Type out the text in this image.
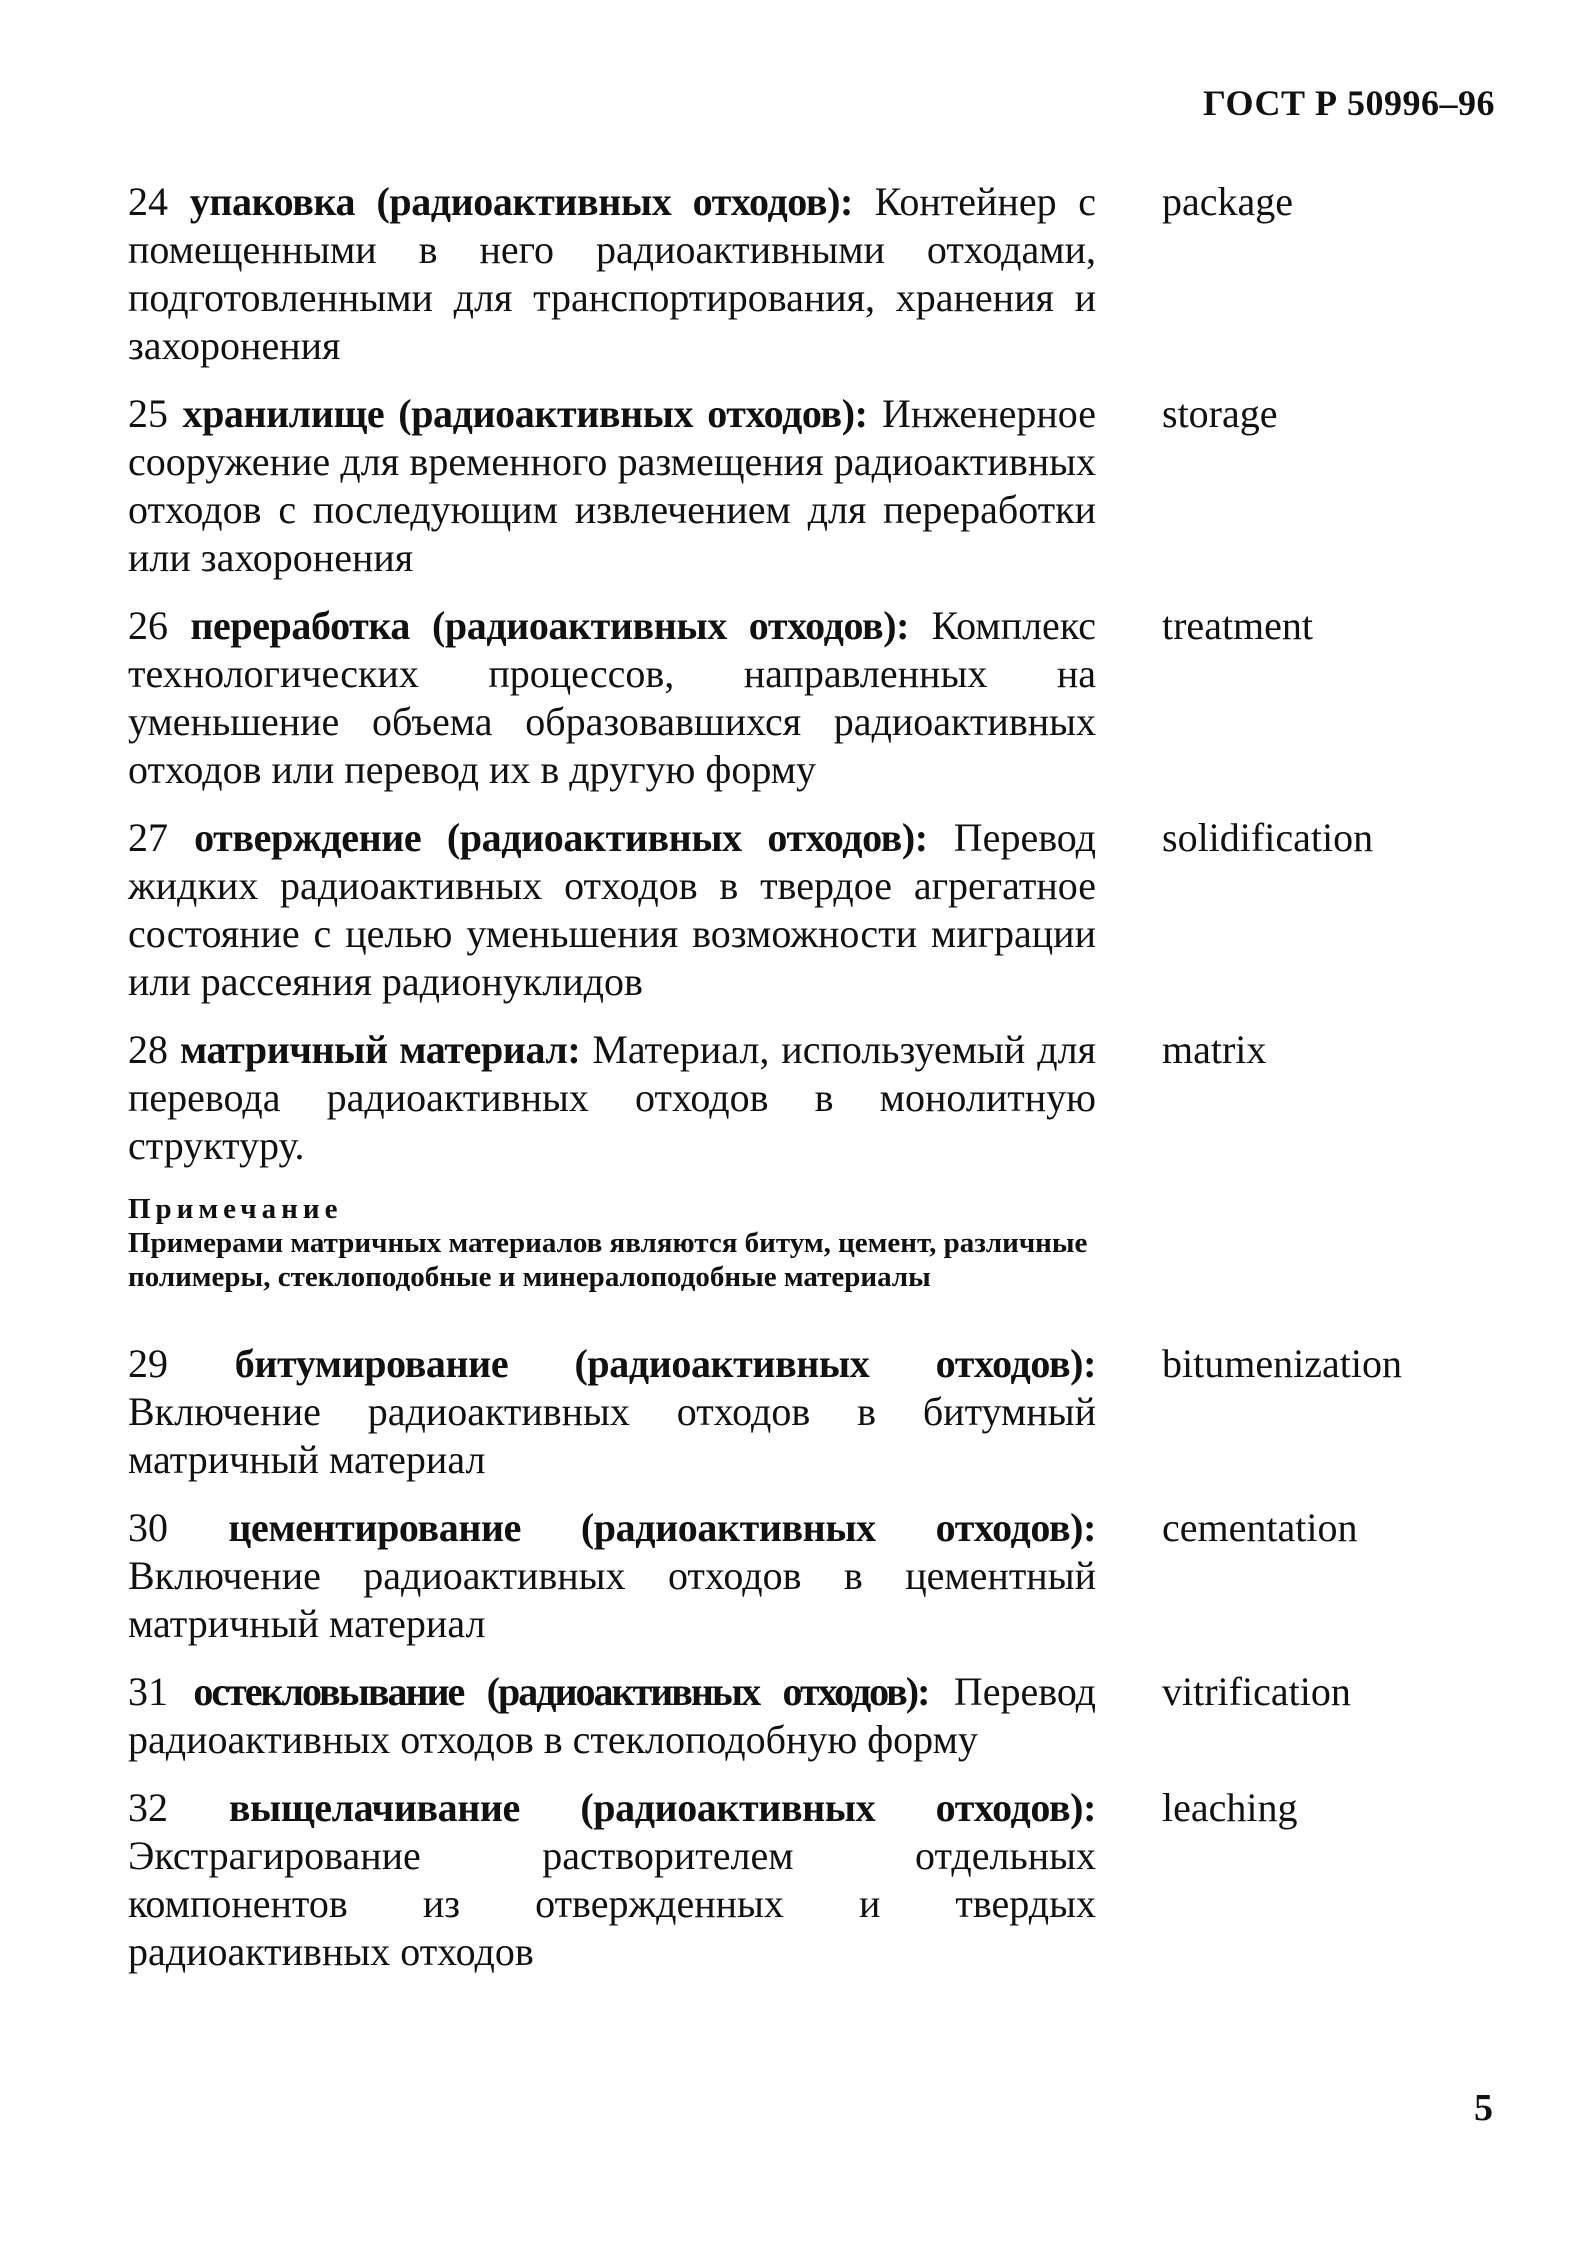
ГОСТ Р 50996–96
24 упаковка (радиоактивных отходов): Контейнер с помещенными в него радиоактивными отходами, подготовленными для транспортирования, хранения и захоронения
package
25 хранилище (радиоактивных отходов): Инженерное сооружение для временного размещения радиоактивных отходов с последующим извлечением для переработки или захоронения
storage
26 переработка (радиоактивных отходов): Комплекс технологических процессов, направленных на уменьшение объема образовавшихся радиоактивных отходов или перевод их в другую форму
treatment
27 отверждение (радиоактивных отходов): Перевод жидких радиоактивных отходов в твердое агрегатное состояние с целью уменьшения возможности миграции или рассеяния радионуклидов
solidification
28 матричный материал: Материал, используемый для перевода радиоактивных отходов в монолитную структуру.
matrix
Примечание
Примерами матричных материалов являются битум, цемент, различные полимеры, стеклоподобные и минералоподобные материалы
29 битумирование (радиоактивных отходов): Включение радиоактивных отходов в битумный матричный материал
bitumenization
30 цементирование (радиоактивных отходов): Включение радиоактивных отходов в цементный матричный материал
cementation
31 остекловывание (радиоактивных отходов): Перевод радиоактивных отходов в стеклоподобную форму
vitrification
32 выщелачивание (радиоактивных отходов): Экстрагирование растворителем отдельных компонентов из отвержденных и твердых радиоактивных отходов
leaching
5
